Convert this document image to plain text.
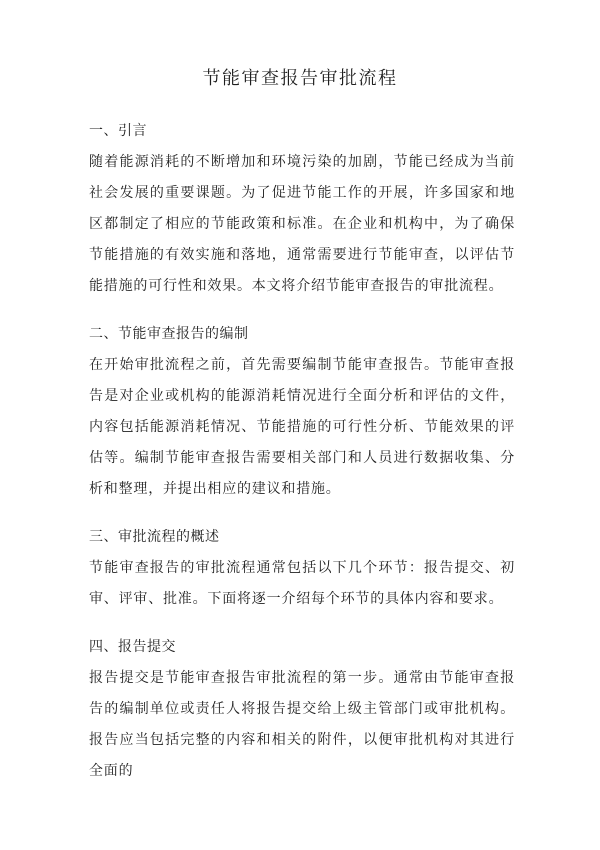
节能审查报告审批流程
一、引言

随着能源消耗的不断增加和环境污染的加剧，节能已经成为当前社会发展的重要课题。为了促进节能工作的开展，许多国家和地区都制定了相应的节能政策和标准。在企业和机构中，为了确保节能措施的有效实施和落地，通常需要进行节能审查，以评估节能措施的可行性和效果。本文将介绍节能审查报告的审批流程。

二、节能审查报告的编制

在开始审批流程之前，首先需要编制节能审查报告。节能审查报告是对企业或机构的能源消耗情况进行全面分析和评估的文件，内容包括能源消耗情况、节能措施的可行性分析、节能效果的评估等。编制节能审查报告需要相关部门和人员进行数据收集、分析和整理，并提出相应的建议和措施。

三、审批流程的概述

节能审查报告的审批流程通常包括以下几个环节：报告提交、初审、评审、批准。下面将逐一介绍每个环节的具体内容和要求。

四、报告提交

报告提交是节能审查报告审批流程的第一步。通常由节能审查报告的编制单位或责任人将报告提交给上级主管部门或审批机构。报告应当包括完整的内容和相关的附件，以便审批机构对其进行全面的
